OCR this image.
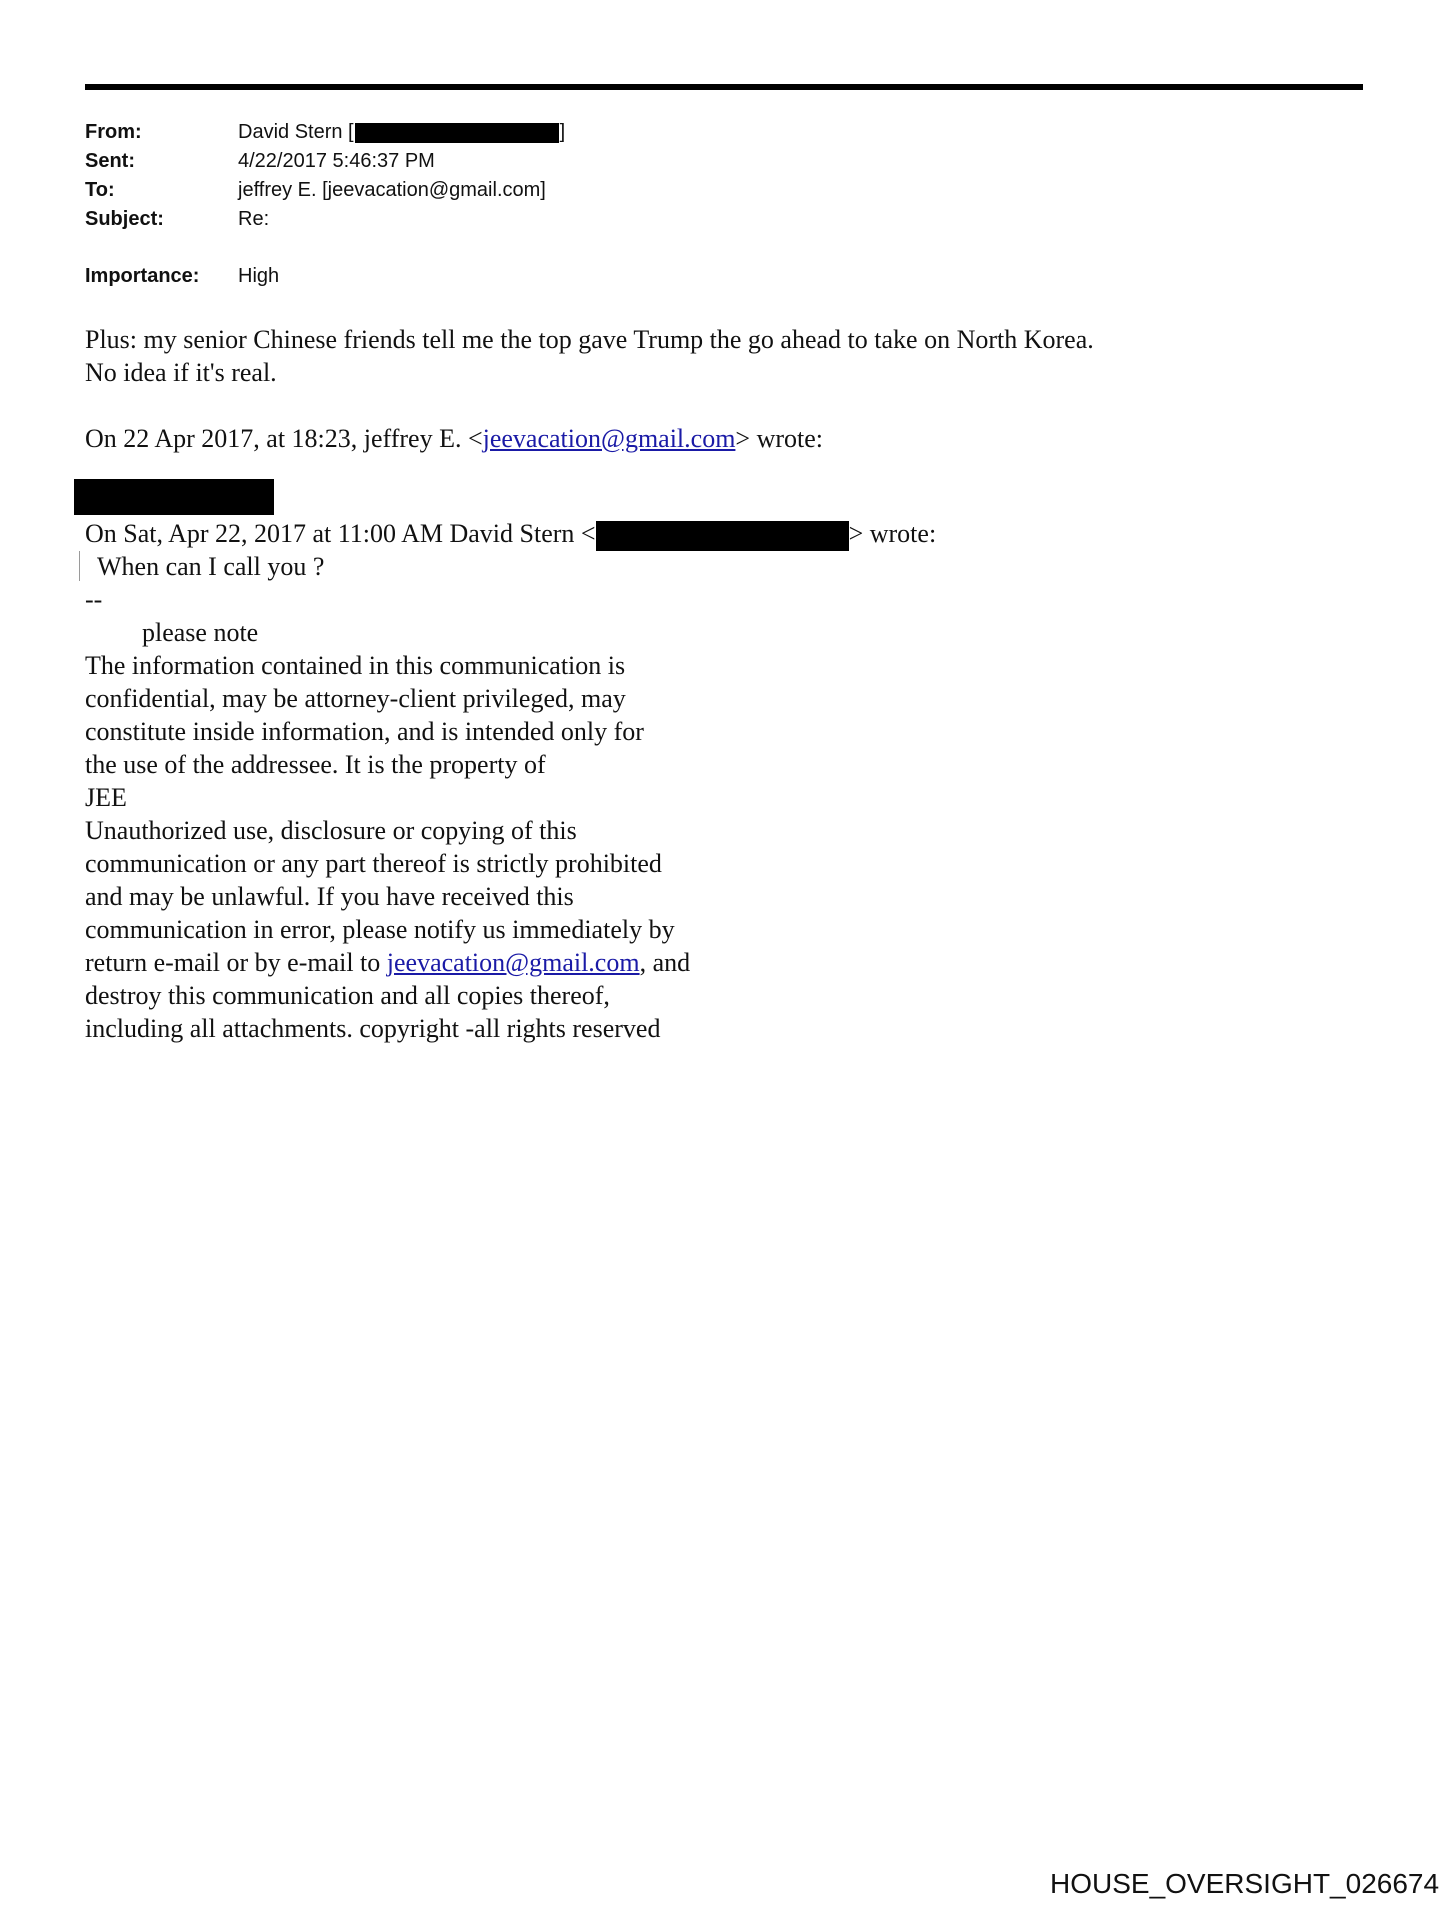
From:	David Stern [	]
Sent:	4/22/2017 5:46:37 PM
To:	jeffrey E. [jeevacation@gmail.com]
Subject:	Re:
Importance: High

Plus: my senior Chinese friends tell me the top gave Trump the go ahead to take on North Korea.

No idea if it's real.

On 22 Apr 2017, at 18:23, jeffrey E. <jeevacation@gmail.com> wrote:

On Sat, Apr 22, 2017 at 11:00 AM David Stern <	> wrote:

When can I call you ?

--

please note

The information contained in this communication is

confidential, may be attorney-client privileged, may

constitute inside information, and is intended only for

the use of the addressee. It is the property of

JEE

Unauthorized use, disclosure or copying of this

communication or any part thereof is strictly prohibited

and may be unlawful. If you have received this

communication in error, please notify us immediately by

return e-mail or by e-mail to jeevacation@gmail.com, and

destroy this communication and all copies thereof,

including all attachments. copyright -all rights reserved

HOUSE_OVERSIGHT_026674
